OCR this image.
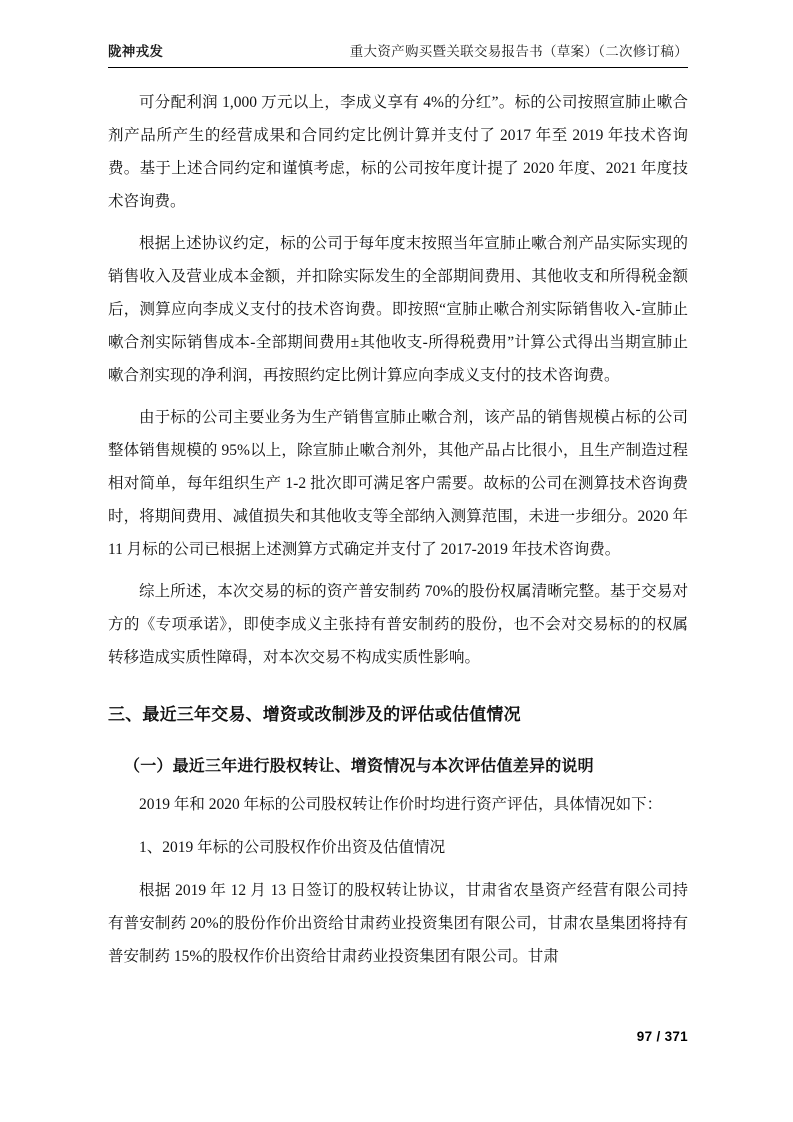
陇神戎发	重大资产购买暨关联交易报告书（草案）（二次修订稿）

可分配利润 1,000 万元以上，李成义享有 4%的分红”。标的公司按照宣肺止嗽合剂产品所产生的经营成果和合同约定比例计算并支付了 2017 年至 2019 年技术咨询费。基于上述合同约定和谨慎考虑，标的公司按年度计提了 2020 年度、2021 年度技术咨询费。

根据上述协议约定，标的公司于每年度末按照当年宣肺止嗽合剂产品实际实现的销售收入及营业成本金额，并扣除实际发生的全部期间费用、其他收支和所得税金额后，测算应向李成义支付的技术咨询费。即按照“宣肺止嗽合剂实际销售收入-宣肺止嗽合剂实际销售成本-全部期间费用±其他收支-所得税费用”计算公式得出当期宣肺止嗽合剂实现的净利润，再按照约定比例计算应向李成义支付的技术咨询费。

由于标的公司主要业务为生产销售宣肺止嗽合剂，该产品的销售规模占标的公司整体销售规模的 95%以上，除宣肺止嗽合剂外，其他产品占比很小，且生产制造过程相对简单，每年组织生产 1-2 批次即可满足客户需要。故标的公司在测算技术咨询费时，将期间费用、减值损失和其他收支等全部纳入测算范围，未进一步细分。2020 年 11 月标的公司已根据上述测算方式确定并支付了 2017-2019 年技术咨询费。

综上所述，本次交易的标的资产普安制药 70%的股份权属清晰完整。基于交易对方的《专项承诺》，即使李成义主张持有普安制药的股份，也不会对交易标的的权属转移造成实质性障碍，对本次交易不构成实质性影响。

三、最近三年交易、增资或改制涉及的评估或估值情况
（一）最近三年进行股权转让、增资情况与本次评估值差异的说明

2019 年和 2020 年标的公司股权转让作价时均进行资产评估，具体情况如下：

1、2019 年标的公司股权作价出资及估值情况

根据 2019 年 12 月 13 日签订的股权转让协议，甘肃省农垦资产经营有限公司持有普安制药 20%的股份作价出资给甘肃药业投资集团有限公司，甘肃农垦集团将持有普安制药 15%的股权作价出资给甘肃药业投资集团有限公司。甘肃

97 / 371
